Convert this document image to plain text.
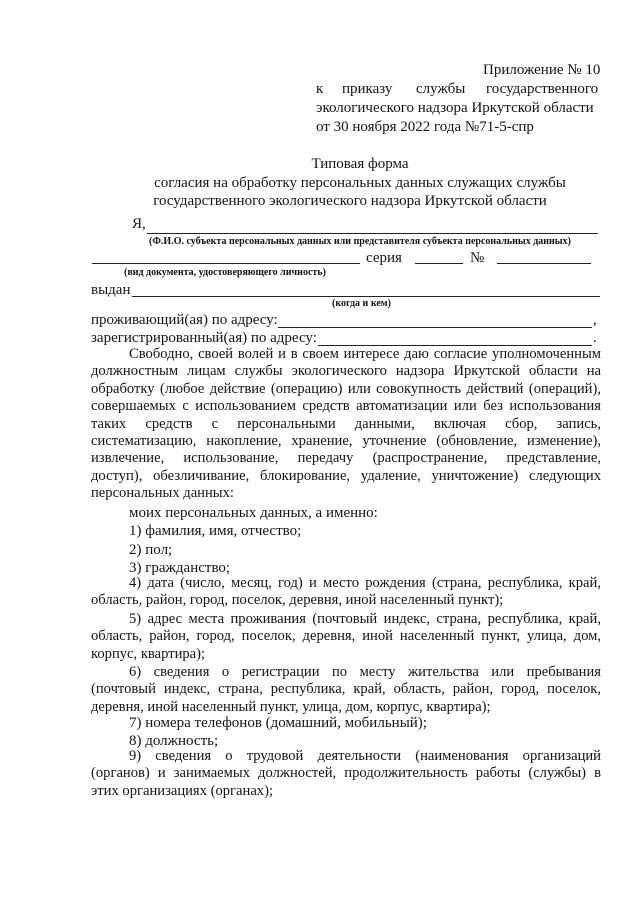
Приложение № 10
к приказу службы государственного
экологического надзора Иркутской области
от 30 ноября 2022 года №71-5-спр
Типовая форма
согласия на обработку персональных данных служащих службы
государственного экологического надзора Иркутской области
Я,
(Ф.И.О. субъекта персональных данных или представителя субъекта персональных данных)
серия	№
(вид документа, удостоверяющего личность)
выдан
(когда и кем)
проживающий(ая) по адресу:	,
зарегистрированный(ая) по адресу:	.
Свободно, своей волей и в своем интересе даю согласие уполномоченным
должностным лицам службы экологического надзора Иркутской области на
обработку (любое действие (операцию) или совокупность действий (операций),
совершаемых с использованием средств автоматизации или без использования
таких средств с персональными данными, включая сбор, запись,
систематизацию, накопление, хранение, уточнение (обновление, изменение),
извлечение, использование, передачу (распространение, представление,
доступ), обезличивание, блокирование, удаление, уничтожение) следующих
персональных данных:
моих персональных данных, а именно:
1) фамилия, имя, отчество;
2) пол;
3) гражданство;
4) дата (число, месяц, год) и место рождения (страна, республика, край,
область, район, город, поселок, деревня, иной населенный пункт);
5) адрес места проживания (почтовый индекс, страна, республика, край,
область, район, город, поселок, деревня, иной населенный пункт, улица, дом,
корпус, квартира);
6) сведения о регистрации по месту жительства или пребывания
(почтовый индекс, страна, республика, край, область, район, город, поселок,
деревня, иной населенный пункт, улица, дом, корпус, квартира);
7) номера телефонов (домашний, мобильный);
8) должность;
9) сведения о трудовой деятельности (наименования организаций
(органов) и занимаемых должностей, продолжительность работы (службы) в
этих организациях (органах);
